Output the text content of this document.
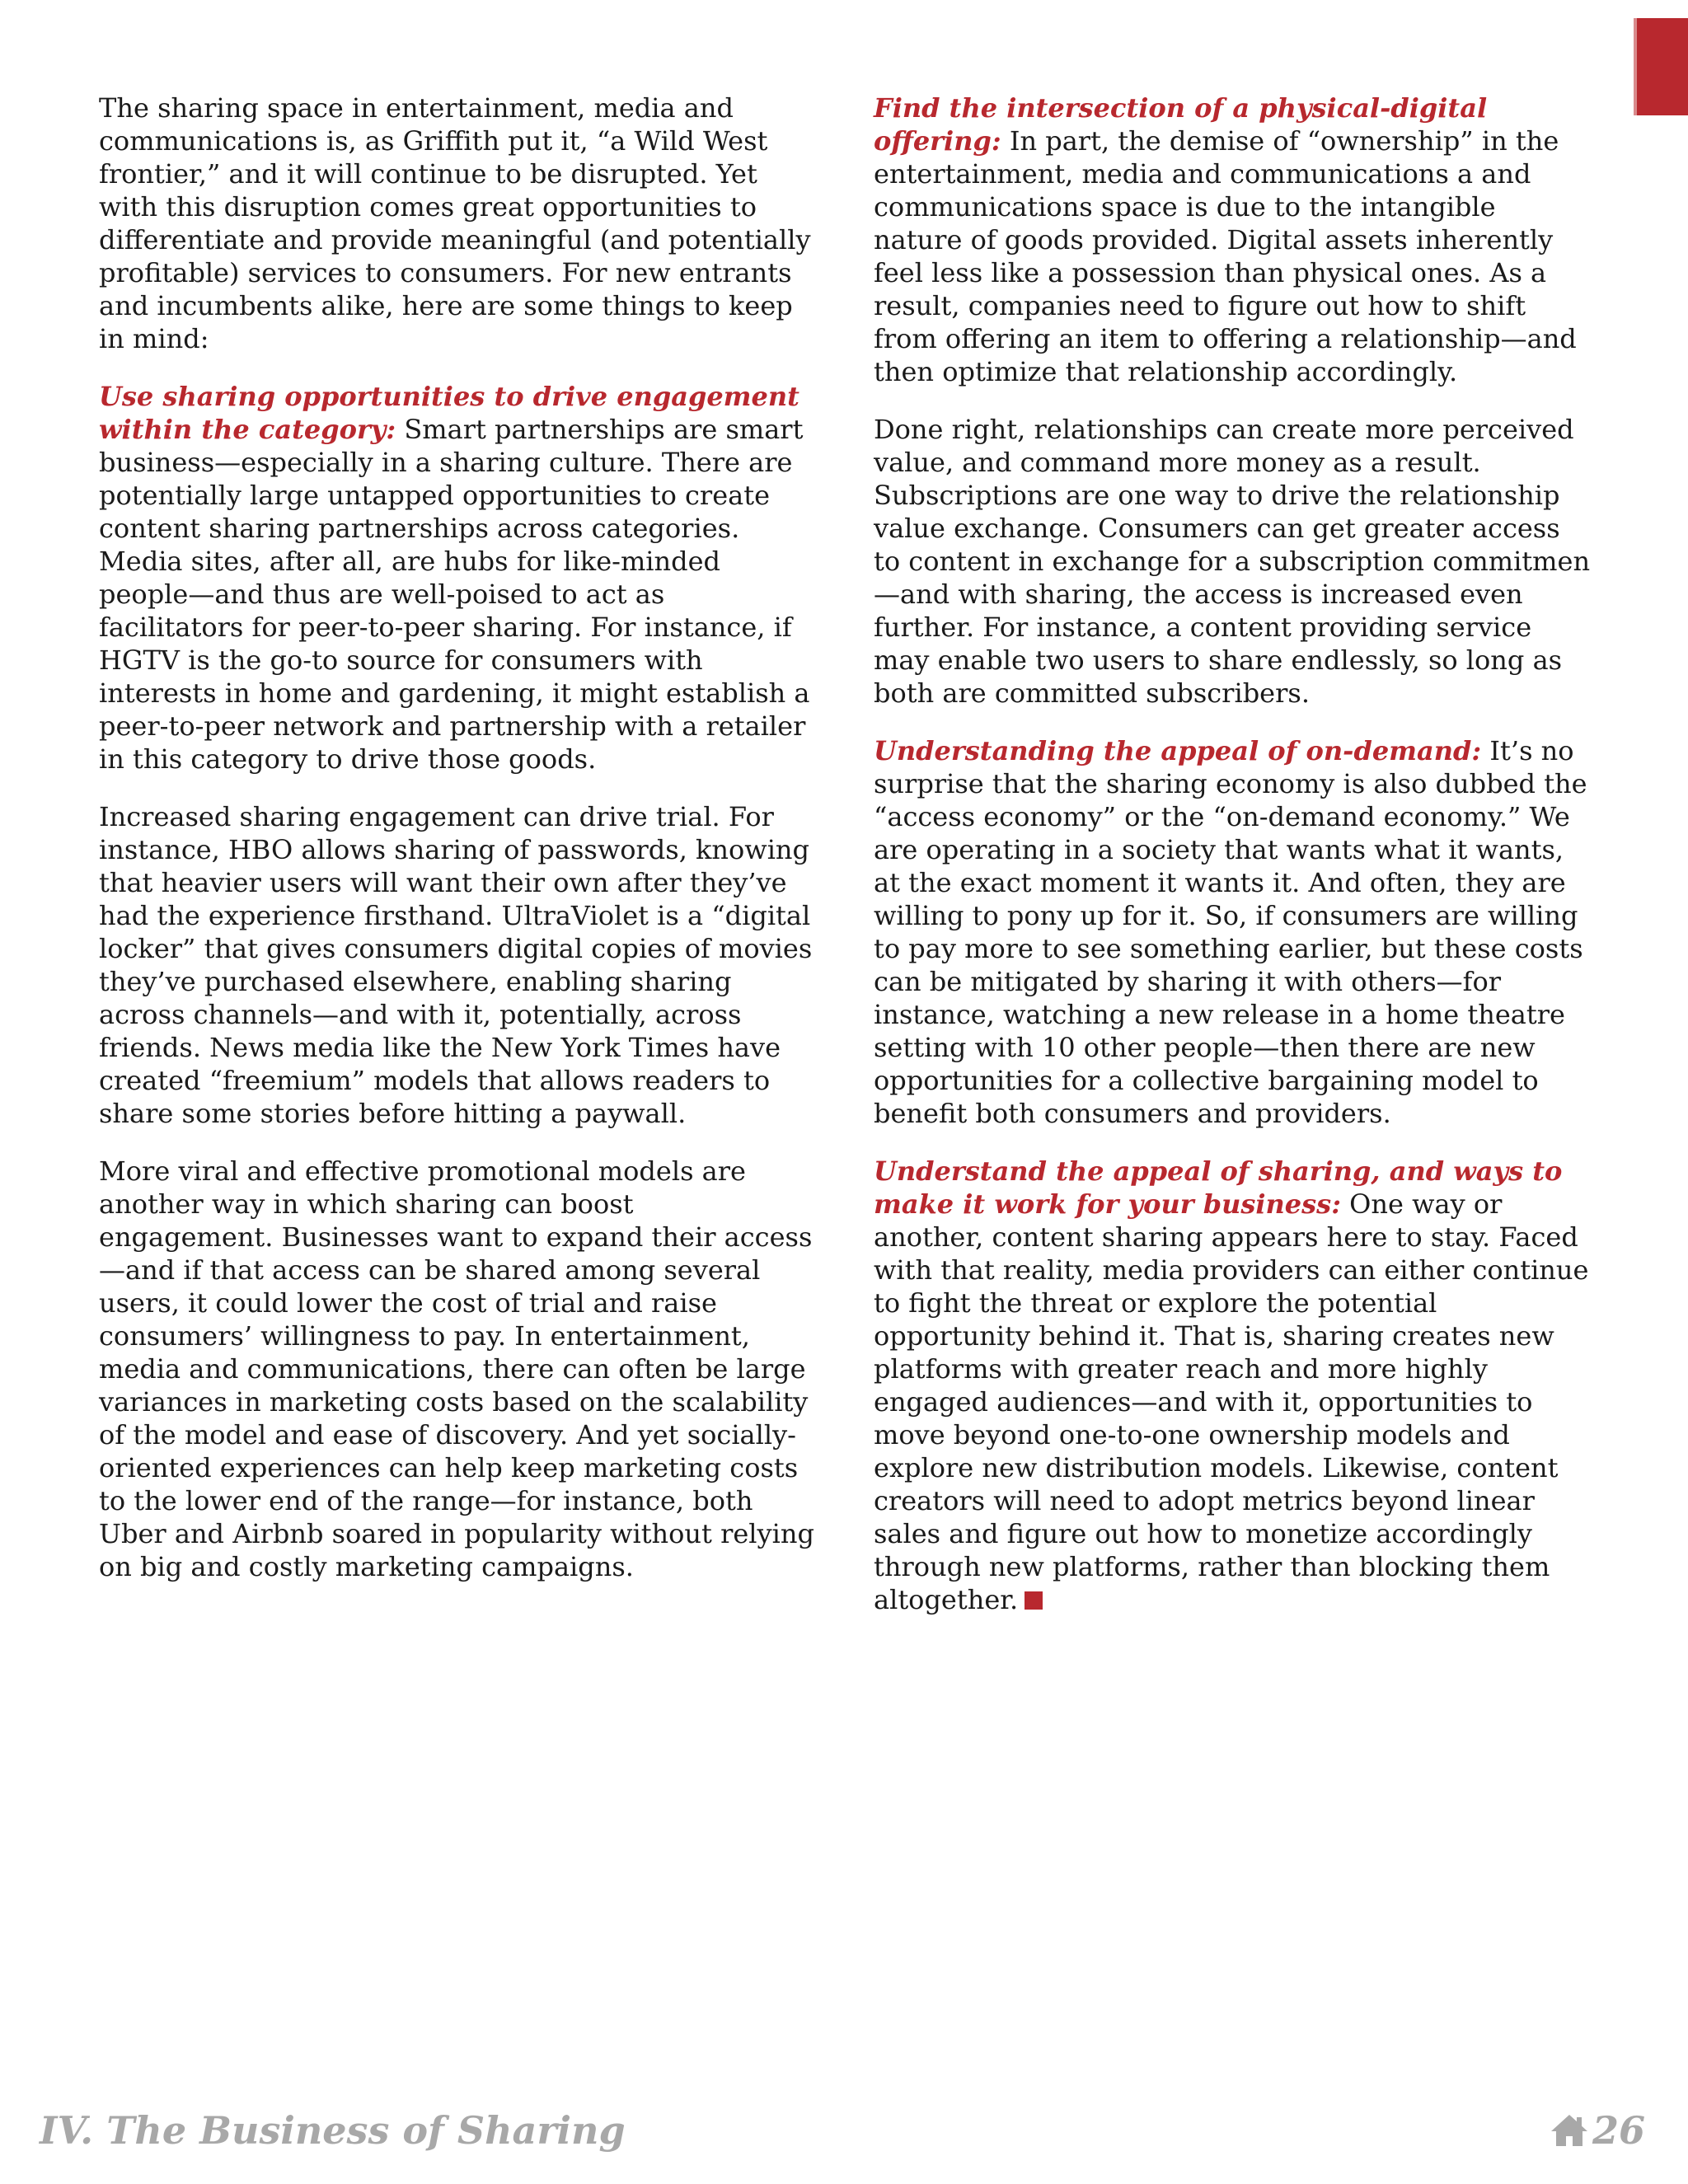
The sharing space in entertainment, media and communications is, as Griffith put it, “a Wild West frontier,” and it will continue to be disrupted. Yet with this disruption comes great opportunities to differentiate and provide meaningful (and potentially profitable) services to consumers. For new entrants and incumbents alike, here are some things to keep in mind:

Use sharing opportunities to drive engagement within the category: Smart partnerships are smart business—especially in a sharing culture. There are potentially large untapped opportunities to create content sharing partnerships across categories. Media sites, after all, are hubs for like-minded people—and thus are well-poised to act as facilitators for peer-to-peer sharing. For instance, if HGTV is the go-to source for consumers with interests in home and gardening, it might establish a peer-to-peer network and partnership with a retailer in this category to drive those goods.

Increased sharing engagement can drive trial. For instance, HBO allows sharing of passwords, knowing that heavier users will want their own after they’ve had the experience firsthand. UltraViolet is a “digital locker” that gives consumers digital copies of movies they’ve purchased elsewhere, enabling sharing across channels—and with it, potentially, across friends. News media like the New York Times have created “freemium” models that allows readers to share some stories before hitting a paywall.

More viral and effective promotional models are another way in which sharing can boost engagement. Businesses want to expand their access—and if that access can be shared among several users, it could lower the cost of trial and raise consumers’ willingness to pay. In entertainment, media and communications, there can often be large variances in marketing costs based on the scalability of the model and ease of discovery. And yet socially-oriented experiences can help keep marketing costs to the lower end of the range—for instance, both Uber and Airbnb soared in popularity without relying on big and costly marketing campaigns.

Find the intersection of a physical-digital offering: In part, the demise of “ownership” in the entertainment, media and communications a and communications space is due to the intangible nature of goods provided. Digital assets inherently feel less like a possession than physical ones. As a result, companies need to figure out how to shift from offering an item to offering a relationship—and then optimize that relationship accordingly.

Done right, relationships can create more perceived value, and command more money as a result. Subscriptions are one way to drive the relationship value exchange. Consumers can get greater access to content in exchange for a subscription commitmen—and with sharing, the access is increased even further. For instance, a content providing service may enable two users to share endlessly, so long as both are committed subscribers.

Understanding the appeal of on-demand: It’s no surprise that the sharing economy is also dubbed the “access economy” or the “on-demand economy.” We are operating in a society that wants what it wants, at the exact moment it wants it. And often, they are willing to pony up for it. So, if consumers are willing to pay more to see something earlier, but these costs can be mitigated by sharing it with others—for instance, watching a new release in a home theatre setting with 10 other people—then there are new opportunities for a collective bargaining model to benefit both consumers and providers.

Understand the appeal of sharing, and ways to make it work for your business: One way or another, content sharing appears here to stay. Faced with that reality, media providers can either continue to fight the threat or explore the potential opportunity behind it. That is, sharing creates new platforms with greater reach and more highly engaged audiences—and with it, opportunities to move beyond one-to-one ownership models and explore new distribution models. Likewise, content creators will need to adopt metrics beyond linear sales and figure out how to monetize accordingly through new platforms, rather than blocking them altogether.

IV. The Business of Sharing	26
